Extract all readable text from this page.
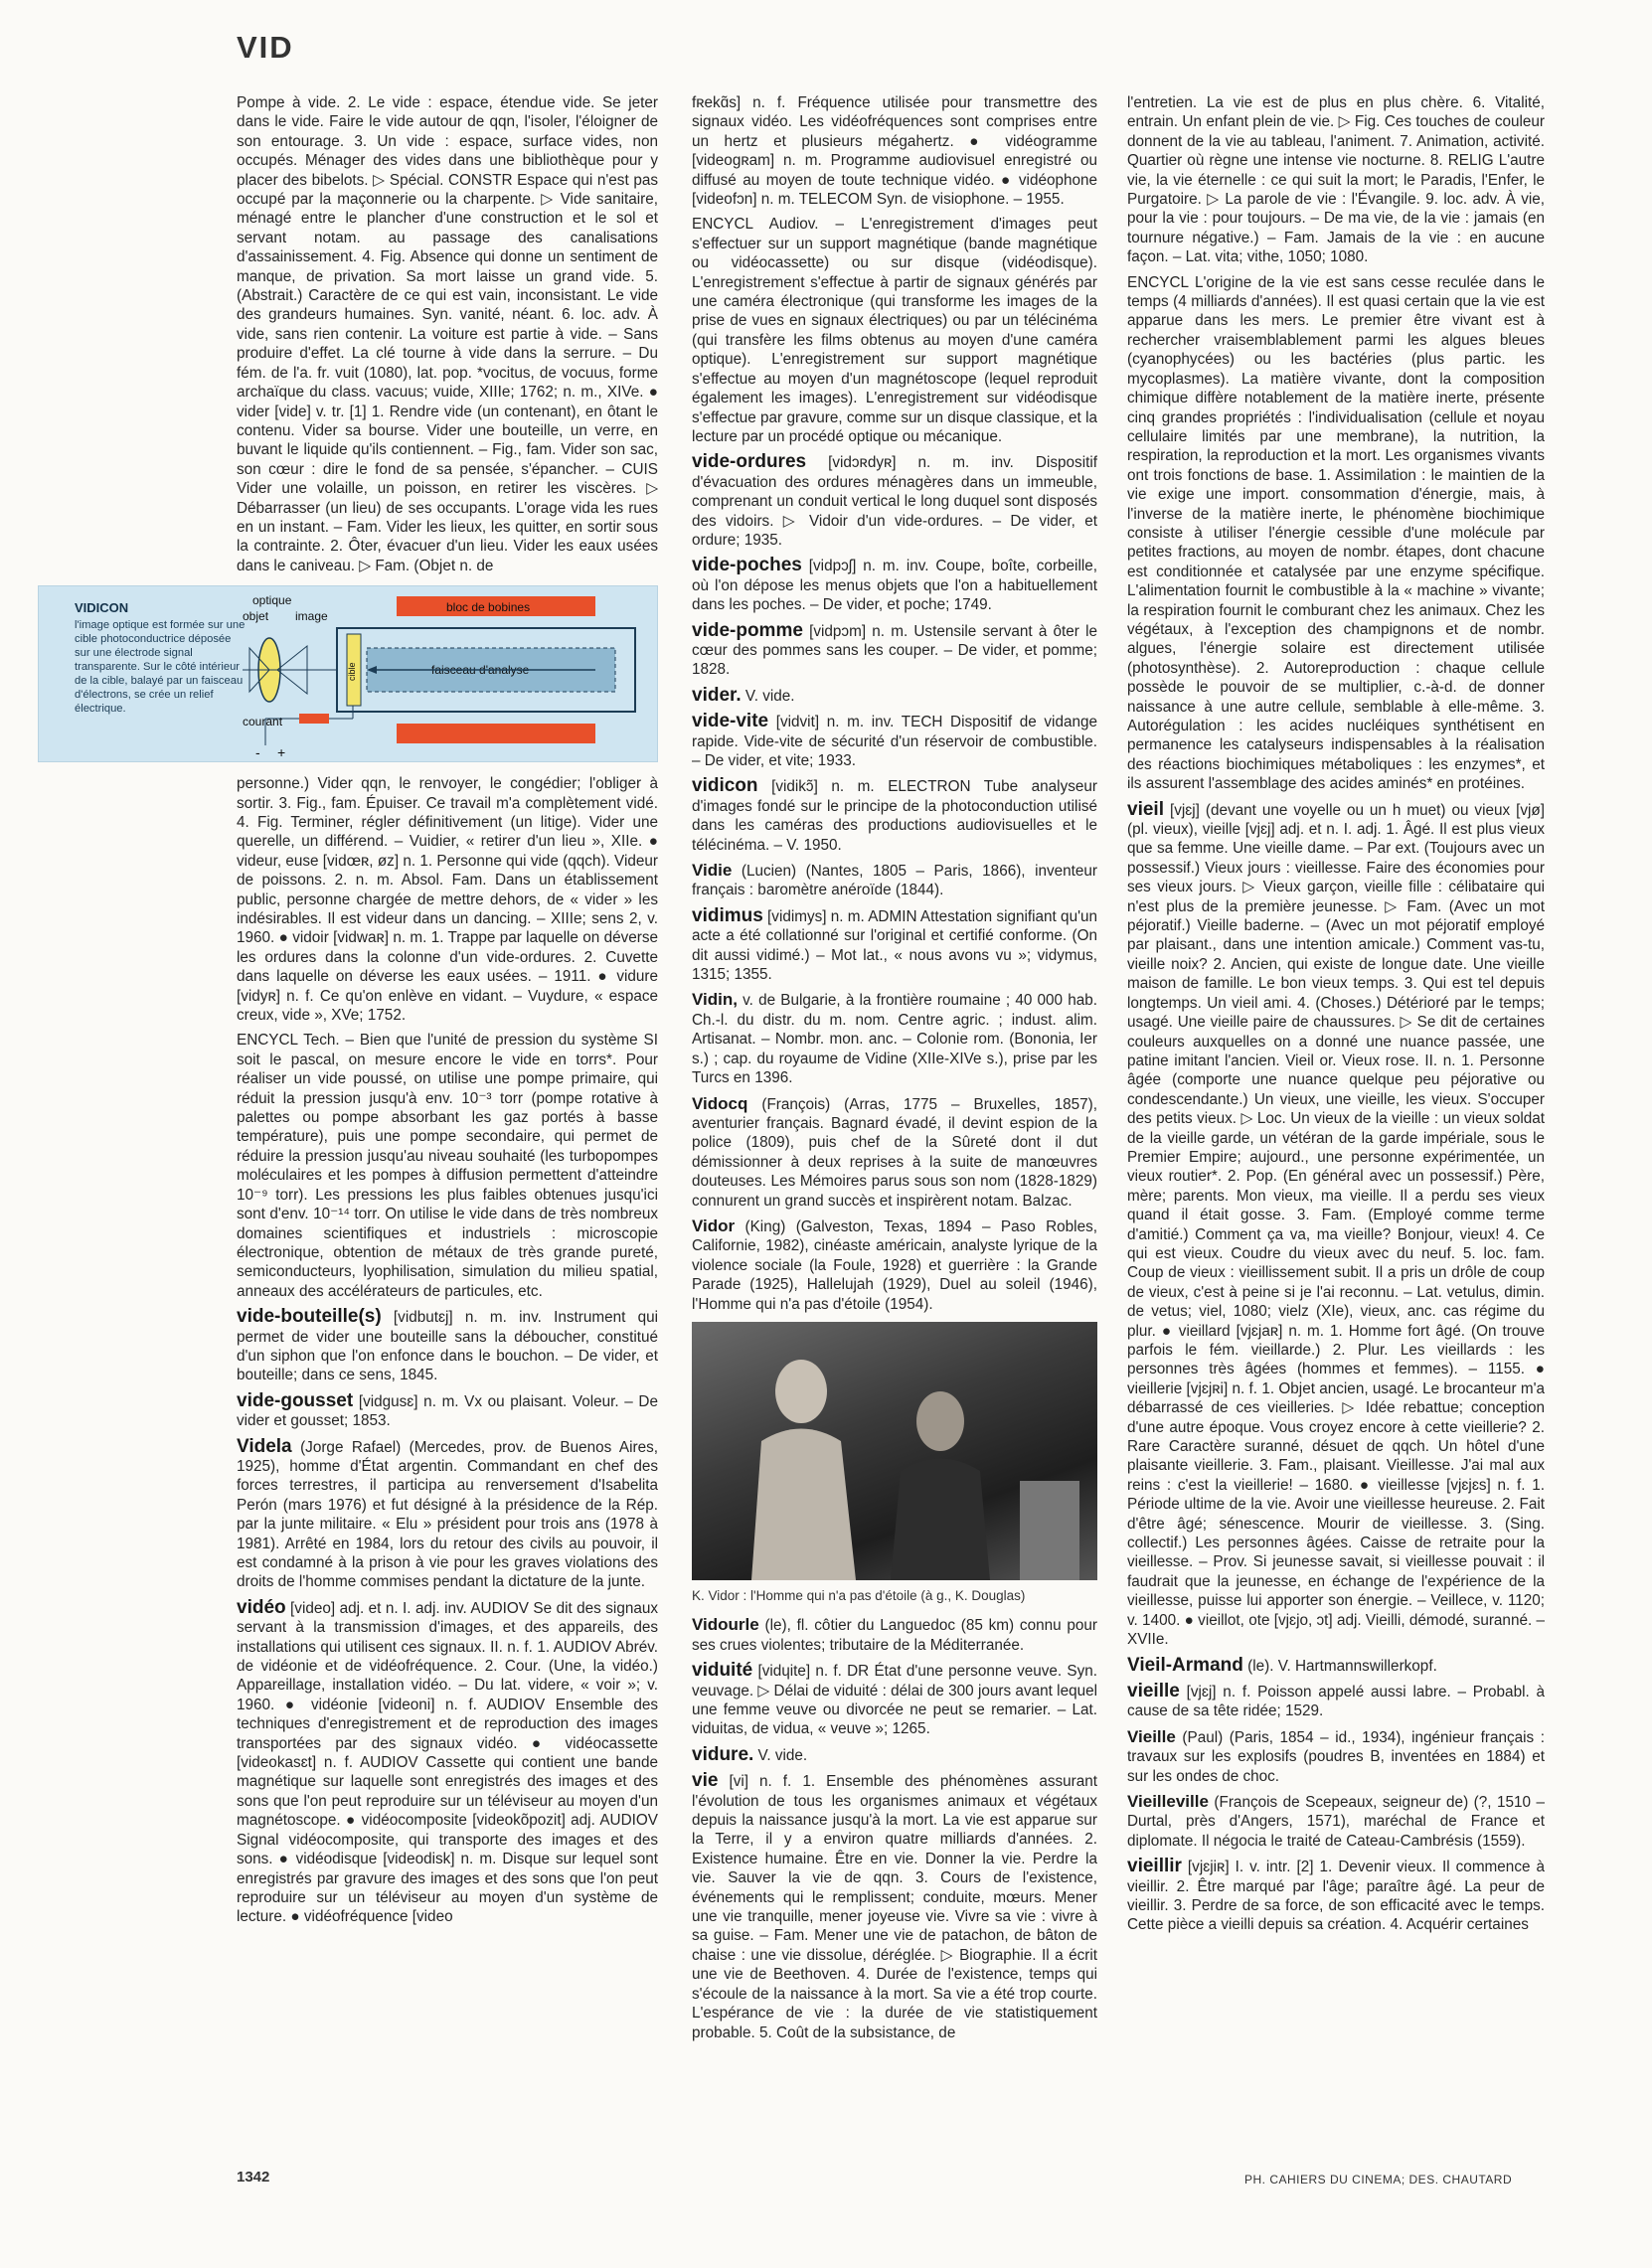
VID

Pompe à vide. 2. Le vide : espace, étendue vide. Se jeter dans le vide. Faire le vide autour de qqn, l'isoler, l'éloigner de son entourage. 3. Un vide : espace, surface vides, non occupés. Ménager des vides dans une bibliothèque pour y placer des bibelots. ▷ Spécial. CONSTR Espace qui n'est pas occupé par la maçonnerie ou la charpente. ▷ Vide sanitaire, ménagé entre le plancher d'une construction et le sol et servant notam. au passage des canalisations d'assainissement. 4. Fig. Absence qui donne un sentiment de manque, de privation. Sa mort laisse un grand vide. 5. (Abstrait.) Caractère de ce qui est vain, inconsistant. Le vide des grandeurs humaines. Syn. vanité, néant. 6. loc. adv. À vide, sans rien contenir. La voiture est partie à vide. – Sans produire d'effet. La clé tourne à vide dans la serrure. – Du fém. de l'a. fr. vuit (1080), lat. pop. *vocitus, de vocuus, forme archaïque du class. vacuus; vuide, XIIIe; 1762; n. m., XIVe. ● vider [vide] v. tr. [1] 1. Rendre vide (un contenant), en ôtant le contenu. Vider sa bourse. Vider une bouteille, un verre, en buvant le liquide qu'ils contiennent. – Fig., fam. Vider son sac, son cœur : dire le fond de sa pensée, s'épancher. – CUIS Vider une volaille, un poisson, en retirer les viscères. ▷ Débarrasser (un lieu) de ses occupants. L'orage vida les rues en un instant. – Fam. Vider les lieux, les quitter, en sortir sous la contrainte. 2. Ôter, évacuer d'un lieu. Vider les eaux usées dans le caniveau. ▷ Fam. (Objet n. de

VIDICON
l'image optique est formée sur une cible photoconductrice déposée sur une électrode signal transparente. Sur le côté intérieur de la cible, balayé par un faisceau d'électrons, se crée un relief électrique.
bloc de bobines
cible	faisceau d'analyse
optique
objet image
courant
- +

personne.) Vider qqn, le renvoyer, le congédier; l'obliger à sortir. 3. Fig., fam. Épuiser. Ce travail m'a complètement vidé. 4. Fig. Terminer, régler définitivement (un litige). Vider une querelle, un différend. – Vuidier, « retirer d'un lieu », XIIe. ● videur, euse [vidœʀ, øz] n. 1. Personne qui vide (qqch). Videur de poissons. 2. n. m. Absol. Fam. Dans un établissement public, personne chargée de mettre dehors, de « vider » les indésirables. Il est videur dans un dancing. – XIIIe; sens 2, v. 1960. ● vidoir [vidwaʀ] n. m. 1. Trappe par laquelle on déverse les ordures dans la colonne d'un vide-ordures. 2. Cuvette dans laquelle on déverse les eaux usées. – 1911. ● vidure [vidyʀ] n. f. Ce qu'on enlève en vidant. – Vuydure, « espace creux, vide », XVe; 1752.

ENCYCL Tech. – Bien que l'unité de pression du système SI soit le pascal, on mesure encore le vide en torrs*. Pour réaliser un vide poussé, on utilise une pompe primaire, qui réduit la pression jusqu'à env. 10⁻³ torr (pompe rotative à palettes ou pompe absorbant les gaz portés à basse température), puis une pompe secondaire, qui permet de réduire la pression jusqu'au niveau souhaité (les turbopompes moléculaires et les pompes à diffusion permettent d'atteindre 10⁻⁹ torr). Les pressions les plus faibles obtenues jusqu'ici sont d'env. 10⁻¹⁴ torr. On utilise le vide dans de très nombreux domaines scientifiques et industriels : microscopie électronique, obtention de métaux de très grande pureté, semiconducteurs, lyophilisation, simulation du milieu spatial, anneaux des accélérateurs de particules, etc.

vide-bouteille(s) [vidbutɛj] n. m. inv. Instrument qui permet de vider une bouteille sans la déboucher, constitué d'un siphon que l'on enfonce dans le bouchon. – De vider, et bouteille; dans ce sens, 1845.

vide-gousset [vidgusɛ] n. m. Vx ou plaisant. Voleur. – De vider et gousset; 1853.

Videla (Jorge Rafael) (Mercedes, prov. de Buenos Aires, 1925), homme d'État argentin. Commandant en chef des forces terrestres, il participa au renversement d'Isabelita Perón (mars 1976) et fut désigné à la présidence de la Rép. par la junte militaire. « Elu » président pour trois ans (1978 à 1981). Arrêté en 1984, lors du retour des civils au pouvoir, il est condamné à la prison à vie pour les graves violations des droits de l'homme commises pendant la dictature de la junte.

vidéo [video] adj. et n. I. adj. inv. AUDIOV Se dit des signaux servant à la transmission d'images, et des appareils, des installations qui utilisent ces signaux. II. n. f. 1. AUDIOV Abrév. de vidéonie et de vidéofréquence. 2. Cour. (Une, la vidéo.) Appareillage, installation vidéo. – Du lat. videre, « voir »; v. 1960. ● vidéonie [videoni] n. f. AUDIOV Ensemble des techniques d'enregistrement et de reproduction des images transportées par des signaux vidéo. ● vidéocassette [videokasɛt] n. f. AUDIOV Cassette qui contient une bande magnétique sur laquelle sont enregistrés des images et des sons que l'on peut reproduire sur un téléviseur au moyen d'un magnétoscope. ● vidéocomposite [videokõpozit] adj. AUDIOV Signal vidéocomposite, qui transporte des images et des sons. ● vidéodisque [videodisk] n. m. Disque sur lequel sont enregistrés par gravure des images et des sons que l'on peut reproduire sur un téléviseur au moyen d'un système de lecture. ● vidéofréquence [video

fʀekɑ̃s] n. f. Fréquence utilisée pour transmettre des signaux vidéo. Les vidéofréquences sont comprises entre un hertz et plusieurs mégahertz. ● vidéogramme [videogʀam] n. m. Programme audiovisuel enregistré ou diffusé au moyen de toute technique vidéo. ● vidéophone [videofɔn] n. m. TELECOM Syn. de visiophone. – 1955.

ENCYCL Audiov. – L'enregistrement d'images peut s'effectuer sur un support magnétique (bande magnétique ou vidéocassette) ou sur disque (vidéodisque). L'enregistrement s'effectue à partir de signaux générés par une caméra électronique (qui transforme les images de la prise de vues en signaux électriques) ou par un télécinéma (qui transfère les films obtenus au moyen d'une caméra optique). L'enregistrement sur support magnétique s'effectue au moyen d'un magnétoscope (lequel reproduit également les images). L'enregistrement sur vidéodisque s'effectue par gravure, comme sur un disque classique, et la lecture par un procédé optique ou mécanique.

vide-ordures [vidɔʀdyʀ] n. m. inv. Dispositif d'évacuation des ordures ménagères dans un immeuble, comprenant un conduit vertical le long duquel sont disposés des vidoirs. ▷ Vidoir d'un vide-ordures. – De vider, et ordure; 1935.

vide-poches [vidpɔʃ] n. m. inv. Coupe, boîte, corbeille, où l'on dépose les menus objets que l'on a habituellement dans les poches. – De vider, et poche; 1749.

vide-pomme [vidpɔm] n. m. Ustensile servant à ôter le cœur des pommes sans les couper. – De vider, et pomme; 1828.

vider. V. vide.

vide-vite [vidvit] n. m. inv. TECH Dispositif de vidange rapide. Vide-vite de sécurité d'un réservoir de combustible. – De vider, et vite; 1933.

vidicon [vidikɔ̃] n. m. ELECTRON Tube analyseur d'images fondé sur le principe de la photoconduction utilisé dans les caméras des productions audiovisuelles et le télécinéma. – V. 1950.

Vidie (Lucien) (Nantes, 1805 – Paris, 1866), inventeur français : baromètre anéroïde (1844).

vidimus [vidimys] n. m. ADMIN Attestation signifiant qu'un acte a été collationné sur l'original et certifié conforme. (On dit aussi vidimé.) – Mot lat., « nous avons vu »; vidymus, 1315; 1355.

Vidin, v. de Bulgarie, à la frontière roumaine ; 40 000 hab. Ch.-l. du distr. du m. nom. Centre agric. ; indust. alim. Artisanat. – Nombr. mon. anc. – Colonie rom. (Bononia, Ier s.) ; cap. du royaume de Vidine (XIIe-XIVe s.), prise par les Turcs en 1396.

Vidocq (François) (Arras, 1775 – Bruxelles, 1857), aventurier français. Bagnard évadé, il devint espion de la police (1809), puis chef de la Sûreté dont il dut démissionner à deux reprises à la suite de manœuvres douteuses. Les Mémoires parus sous son nom (1828-1829) connurent un grand succès et inspirèrent notam. Balzac.

Vidor (King) (Galveston, Texas, 1894 – Paso Robles, Californie, 1982), cinéaste américain, analyste lyrique de la violence sociale (la Foule, 1928) et guerrière : la Grande Parade (1925), Hallelujah (1929), Duel au soleil (1946), l'Homme qui n'a pas d'étoile (1954).

K. Vidor : l'Homme qui n'a pas d'étoile (à g., K. Douglas)

Vidourle (le), fl. côtier du Languedoc (85 km) connu pour ses crues violentes; tributaire de la Méditerranée.

viduité [vidɥite] n. f. DR État d'une personne veuve. Syn. veuvage. ▷ Délai de viduité : délai de 300 jours avant lequel une femme veuve ou divorcée ne peut se remarier. – Lat. viduitas, de vidua, « veuve »; 1265.

vidure. V. vide.

vie [vi] n. f. 1. Ensemble des phénomènes assurant l'évolution de tous les organismes animaux et végétaux depuis la naissance jusqu'à la mort. La vie est apparue sur la Terre, il y a environ quatre milliards d'années. 2. Existence humaine. Être en vie. Donner la vie. Perdre la vie. Sauver la vie de qqn. 3. Cours de l'existence, événements qui le remplissent; conduite, mœurs. Mener une vie tranquille, mener joyeuse vie. Vivre sa vie : vivre à sa guise. – Fam. Mener une vie de patachon, de bâton de chaise : une vie dissolue, déréglée. ▷ Biographie. Il a écrit une vie de Beethoven. 4. Durée de l'existence, temps qui s'écoule de la naissance à la mort. Sa vie a été trop courte. L'espérance de vie : la durée de vie statistiquement probable. 5. Coût de la subsistance, de

l'entretien. La vie est de plus en plus chère. 6. Vitalité, entrain. Un enfant plein de vie. ▷ Fig. Ces touches de couleur donnent de la vie au tableau, l'animent. 7. Animation, activité. Quartier où règne une intense vie nocturne. 8. RELIG L'autre vie, la vie éternelle : ce qui suit la mort; le Paradis, l'Enfer, le Purgatoire. ▷ La parole de vie : l'Évangile. 9. loc. adv. À vie, pour la vie : pour toujours. – De ma vie, de la vie : jamais (en tournure négative.) – Fam. Jamais de la vie : en aucune façon. – Lat. vita; vithe, 1050; 1080.

ENCYCL L'origine de la vie est sans cesse reculée dans le temps (4 milliards d'années). Il est quasi certain que la vie est apparue dans les mers. Le premier être vivant est à rechercher vraisemblablement parmi les algues bleues (cyanophycées) ou les bactéries (plus partic. les mycoplasmes). La matière vivante, dont la composition chimique diffère notablement de la matière inerte, présente cinq grandes propriétés : l'individualisation (cellule et noyau cellulaire limités par une membrane), la nutrition, la respiration, la reproduction et la mort. Les organismes vivants ont trois fonctions de base. 1. Assimilation : le maintien de la vie exige une import. consommation d'énergie, mais, à l'inverse de la matière inerte, le phénomène biochimique consiste à utiliser l'énergie cessible d'une molécule par petites fractions, au moyen de nombr. étapes, dont chacune est conditionnée et catalysée par une enzyme spécifique. L'alimentation fournit le combustible à la « machine » vivante; la respiration fournit le comburant chez les animaux. Chez les végétaux, à l'exception des champignons et de nombr. algues, l'énergie solaire est directement utilisée (photosynthèse). 2. Autoreproduction : chaque cellule possède le pouvoir de se multiplier, c.-à-d. de donner naissance à une autre cellule, semblable à elle-même. 3. Autorégulation : les acides nucléiques synthétisent en permanence les catalyseurs indispensables à la réalisation des réactions biochimiques métaboliques : les enzymes*, et ils assurent l'assemblage des acides aminés* en protéines.

vieil [vjɛj] (devant une voyelle ou un h muet) ou vieux [vjø] (pl. vieux), vieille [vjɛj] adj. et n. I. adj. 1. Âgé. Il est plus vieux que sa femme. Une vieille dame. – Par ext. (Toujours avec un possessif.) Vieux jours : vieillesse. Faire des économies pour ses vieux jours. ▷ Vieux garçon, vieille fille : célibataire qui n'est plus de la première jeunesse. ▷ Fam. (Avec un mot péjoratif.) Vieille baderne. – (Avec un mot péjoratif employé par plaisant., dans une intention amicale.) Comment vas-tu, vieille noix? 2. Ancien, qui existe de longue date. Une vieille maison de famille. Le bon vieux temps. 3. Qui est tel depuis longtemps. Un vieil ami. 4. (Choses.) Détérioré par le temps; usagé. Une vieille paire de chaussures. ▷ Se dit de certaines couleurs auxquelles on a donné une nuance passée, une patine imitant l'ancien. Vieil or. Vieux rose. II. n. 1. Personne âgée (comporte une nuance quelque peu péjorative ou condescendante.) Un vieux, une vieille, les vieux. S'occuper des petits vieux. ▷ Loc. Un vieux de la vieille : un vieux soldat de la vieille garde, un vétéran de la garde impériale, sous le Premier Empire; aujourd., une personne expérimentée, un vieux routier*. 2. Pop. (En général avec un possessif.) Père, mère; parents. Mon vieux, ma vieille. Il a perdu ses vieux quand il était gosse. 3. Fam. (Employé comme terme d'amitié.) Comment ça va, ma vieille? Bonjour, vieux! 4. Ce qui est vieux. Coudre du vieux avec du neuf. 5. loc. fam. Coup de vieux : vieillissement subit. Il a pris un drôle de coup de vieux, c'est à peine si je l'ai reconnu. – Lat. vetulus, dimin. de vetus; viel, 1080; vielz (XIe), vieux, anc. cas régime du plur. ● vieillard [vjɛjaʀ] n. m. 1. Homme fort âgé. (On trouve parfois le fém. vieillarde.) 2. Plur. Les vieillards : les personnes très âgées (hommes et femmes). – 1155. ● vieillerie [vjɛjʀi] n. f. 1. Objet ancien, usagé. Le brocanteur m'a débarrassé de ces vieilleries. ▷ Idée rebattue; conception d'une autre époque. Vous croyez encore à cette vieillerie? 2. Rare Caractère suranné, désuet de qqch. Un hôtel d'une plaisante vieillerie. 3. Fam., plaisant. Vieillesse. J'ai mal aux reins : c'est la vieillerie! – 1680. ● vieillesse [vjɛjɛs] n. f. 1. Période ultime de la vie. Avoir une vieillesse heureuse. 2. Fait d'être âgé; sénescence. Mourir de vieillesse. 3. (Sing. collectif.) Les personnes âgées. Caisse de retraite pour la vieillesse. – Prov. Si jeunesse savait, si vieillesse pouvait : il faudrait que la jeunesse, en échange de l'expérience de la vieillesse, puisse lui apporter son énergie. – Veillece, v. 1120; v. 1400. ● vieillot, ote [vjɛjo, ɔt] adj. Vieilli, démodé, suranné. – XVIIe.

Vieil-Armand (le). V. Hartmannswillerkopf.

vieille [vjɛj] n. f. Poisson appelé aussi labre. – Probabl. à cause de sa tête ridée; 1529.

Vieille (Paul) (Paris, 1854 – id., 1934), ingénieur français : travaux sur les explosifs (poudres B, inventées en 1884) et sur les ondes de choc.

Vieilleville (François de Scepeaux, seigneur de) (?, 1510 – Durtal, près d'Angers, 1571), maréchal de France et diplomate. Il négocia le traité de Cateau-Cambrésis (1559).

vieillir [vjɛjiʀ] I. v. intr. [2] 1. Devenir vieux. Il commence à vieillir. 2. Être marqué par l'âge; paraître âgé. La peur de vieillir. 3. Perdre de sa force, de son efficacité avec le temps. Cette pièce a vieilli depuis sa création. 4. Acquérir certaines

1342	PH. CAHIERS DU CINEMA; DES. CHAUTARD
